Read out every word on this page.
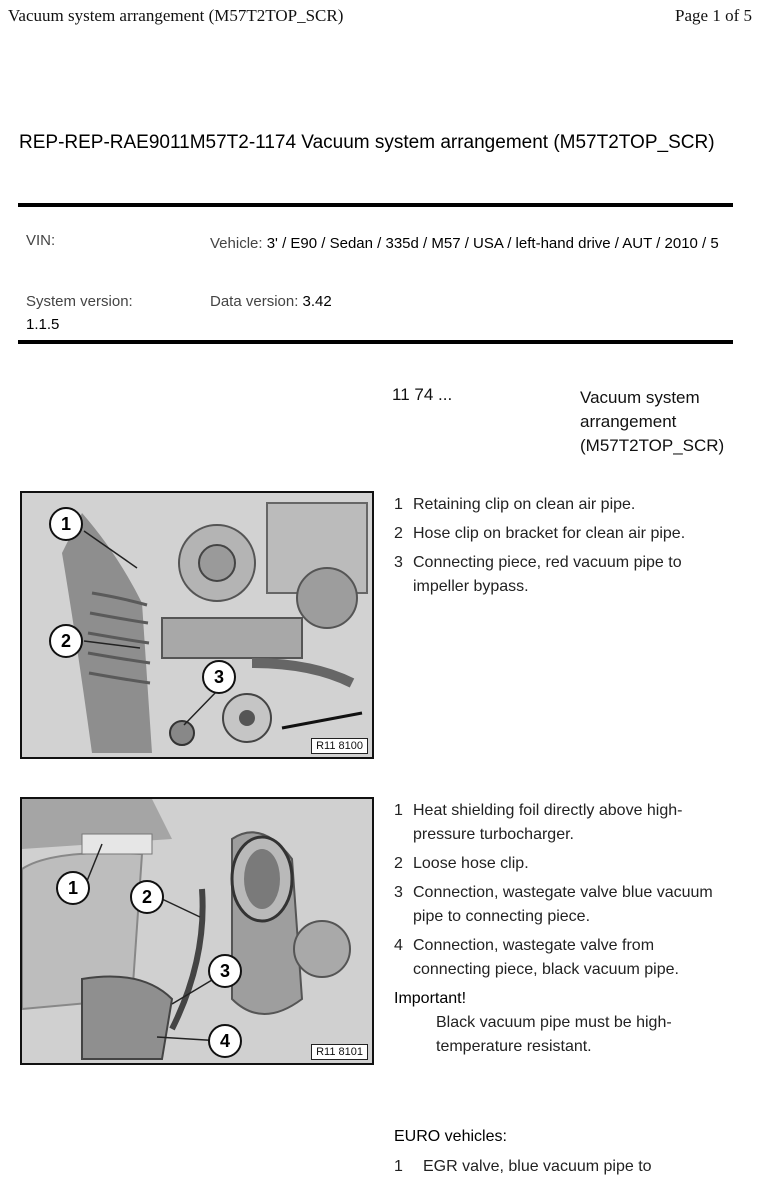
Vacuum system arrangement (M57T2TOP_SCR)	Page 1 of 5
REP-REP-RAE9011M57T2-1174 Vacuum system arrangement (M57T2TOP_SCR)
VIN:	Vehicle: 3' / E90 / Sedan / 335d / M57 / USA / left-hand drive / AUT / 2010 / 5
System version:
1.1.5
Data version: 3.42
11 74 ...	Vacuum system arrangement (M57T2TOP_SCR)
1
2
3
R11 8100
1 Retaining clip on clean air pipe.
2 Hose clip on bracket for clean air pipe.
3 Connecting piece, red vacuum pipe to impeller bypass.
1	2
3
4
R11 8101
1 Heat shielding foil directly above high-pressure turbocharger.
2 Loose hose clip.
3 Connection, wastegate valve blue vacuum pipe to connecting piece.
4 Connection, wastegate valve from connecting piece, black vacuum pipe.
Important!
Black vacuum pipe must be high-temperature resistant.
EURO vehicles:
1	EGR valve, blue vacuum pipe to
